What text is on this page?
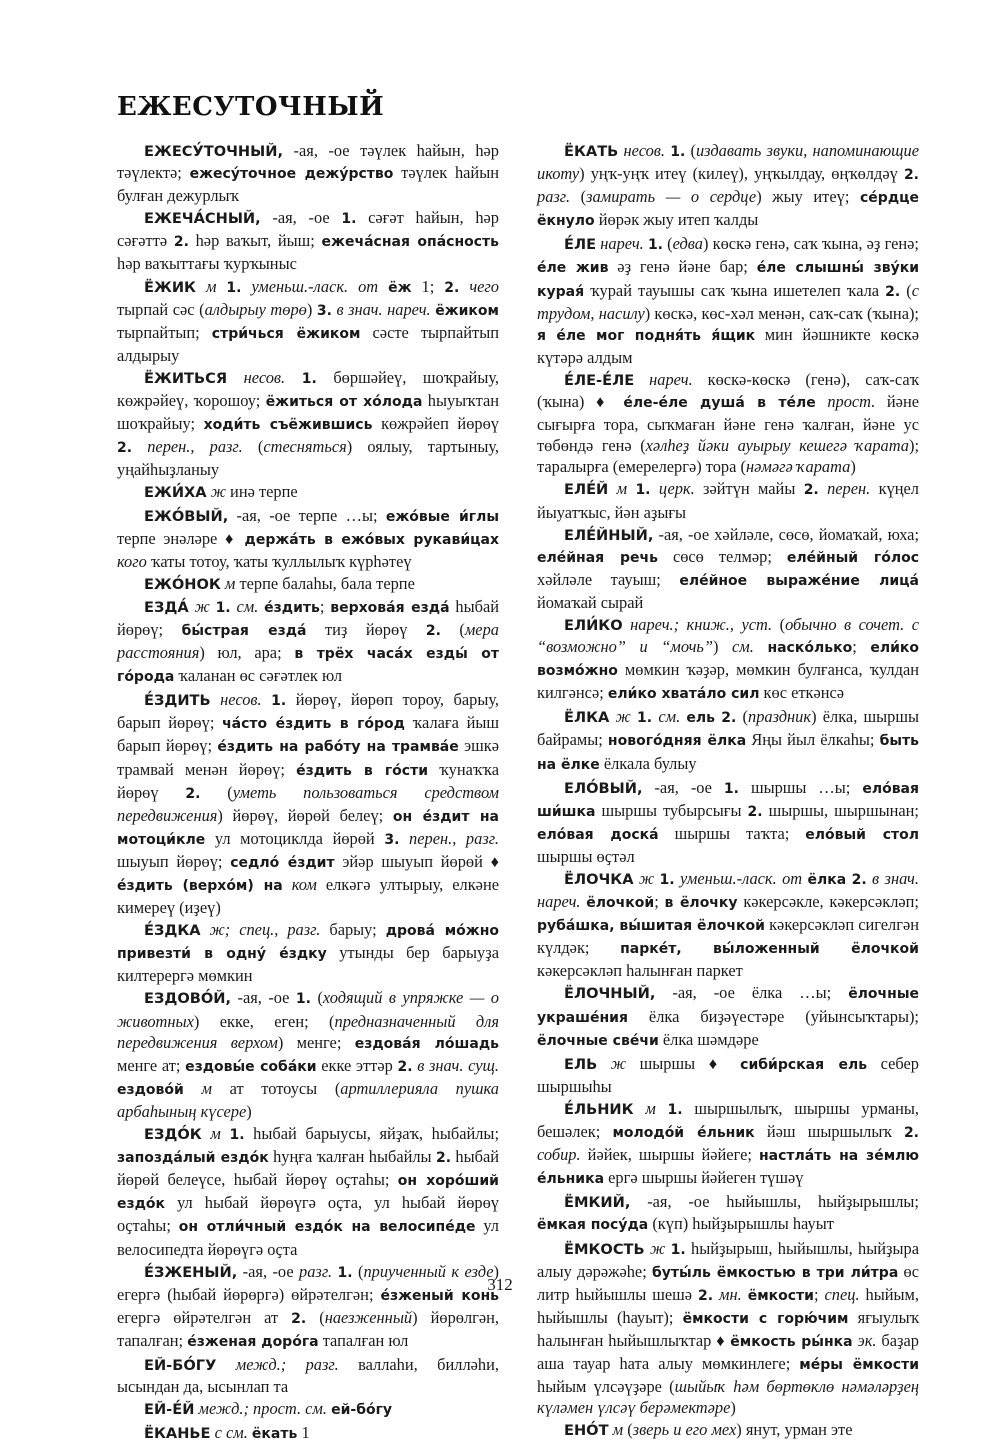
ЕЖЕСУТОЧНЫЙ

ЕЖЕСУ́ТОЧНЫЙ, -ая, -ое тәүлек һайын, һәр тәүлектә; ежесу́точное дежу́рство тәүлек һайын булған дежурлыҡ

ЕЖЕЧА́СНЫЙ, -ая, -ое 1. сәғәт һайын, һәр сәғәттә 2. һәр ваҡыт, йыш; ежеча́сная опа́сность һәр ваҡыттағы ҡурҡыныс

ЁЖИК м 1. уменьш.-ласк. от ёж 1; 2. чего тырпай сәс (алдырыу төрө) 3. в знач. нареч. ёжиком тырпайтып; стри́чься ёжиком сәсте тырпайтып алдырыу

ЁЖИТЬСЯ несов. 1. бөршәйеү, шоҡрайыу, көжрәйеү, ҡорошоу; ёжиться от хо́лода һыуыҡтан шоҡрайыу; ходи́ть съёжившись көжрәйеп йөрөү 2. перен., разг. (стесняться) оялыу, тартыныу, уңайһыҙланыу

ЕЖИ́ХА ж инә терпе

ЕЖО́ВЫЙ, -ая, -ое терпе …ы; ежо́вые и́глы терпе энәләре ♦ держа́ть в ежо́вых рукави́цах кого ҡаты тотоу, ҡаты ҡуллылыҡ күрһәтеү

ЕЖО́НОК м терпе балаһы, бала терпе

ЕЗДА́ ж 1. см. е́здить; верхова́я езда́ һыбай йөрөү; бы́страя езда́ тиҙ йөрөү 2. (мера расстояния) юл, ара; в трёх часа́х езды́ от го́рода ҡаланан өс сәғәтлек юл

Е́ЗДИТЬ несов. 1. йөрөү, йөрөп тороу, барыу, барып йөрөү; ча́сто е́здить в го́род ҡалаға йыш барып йөрөү; е́здить на рабо́ту на трамва́е эшкә трамвай менән йөрөү; е́здить в го́сти ҡунаҡҡа йөрөү 2. (уметь пользоваться средством передвижения) йөрөү, йөрөй белеү; он е́здит на мотоци́кле ул мотоциклда йөрөй 3. перен., разг. шыуып йөрөү; седло́ е́здит эйәр шыуып йөрөй ♦ е́здить (верхо́м) на ком елкәгә ултырыу, елкәне кимереү (иҙеү)

Е́ЗДКА ж; спец., разг. барыу; дрова́ мо́жно привезти́ в одну́ е́здку утынды бер барыуҙа килтерергә мөмкин

ЕЗДОВО́Й, -ая, -ое 1. (ходящий в упряжке — о животных) екке, еген; (предназначенный для передвижения верхом) менге; ездова́я ло́шадь менге ат; ездовы́е соба́ки екке эттәр 2. в знач. сущ. ездово́й м ат тотоусы (артиллерияла пушка арбаһының күсере)

ЕЗДО́К м 1. һыбай барыусы, яйҙаҡ, һыбайлы; запозда́лый ездо́к һуңға ҡалған һыбайлы 2. һыбай йөрөй белеүсе, һыбай йөрөү оҫтаһы; он хоро́ший ездо́к ул һыбай йөрөүгә оҫта, ул һыбай йөрөү оҫтаһы; он отли́чный ездо́к на велосипе́де ул велосипедта йөрөүгә оҫта

Е́ЗЖЕНЫЙ, -ая, -ое разг. 1. (приученный к езде) егергә (һыбай йөрөргә) өйрәтелгән; е́зженый конь егергә өйрәтелгән ат 2. (наезженный) йөрөлгән, тапалған; е́зженая доро́га тапалған юл

ЕЙ-БО́ГУ межд.; разг. валлаһи, билләһи, ысындан да, ысынлап та

ЕЙ-Е́Й межд.; прост. см. ей-бо́гу

ЁКАНЬЕ с см. ёкать 1

ЁКАТЬ несов. 1. (издавать звуки, напоминающие икоту) уңҡ-уңҡ итеү (килеү), уңҡылдау, өңҡөлдәү 2. разг. (замирать — о сердце) жыу итеү; се́рдце ёкнуло йөрәк жыу итеп ҡалды

Е́ЛЕ нареч. 1. (едва) көскә генә, саҡ ҡына, әҙ генә; е́ле жив әҙ генә йәне бар; е́ле слышны́ зву́ки курая́ ҡурай тауышы саҡ ҡына ишетелеп ҡала 2. (с трудом, насилу) көскә, көс-хәл менән, саҡ-саҡ (ҡына); я е́ле мог подня́ть я́щик мин йәшникте көскә күтәрә алдым

Е́ЛЕ-Е́ЛЕ нареч. көскә-көскә (генә), саҡ-саҡ (ҡына) ♦ е́ле-е́ле душа́ в те́ле прост. йәне сығырға тора, сыҡмаған йәне генә ҡалған, йәне ус төбөндә генә (хәлһеҙ йәки ауырыу кешегә ҡарата); таралырға (емерелергә) тора (нәмәгә ҡарата)

ЕЛЕ́Й м 1. церк. зәйтүн майы 2. перен. күңел йыуатҡыс, йән аҙығы

ЕЛЕ́ЙНЫЙ, -ая, -ое хәйләле, сөсө, йомаҡай, юха; еле́йная речь сөсө телмәр; еле́йный го́лос хәйләле тауыш; еле́йное выраже́ние лица́ йомаҡай сырай

ЕЛИ́КО нареч.; книж., уст. (обычно в сочет. с “возможно” и “мочь”) см. наско́лько; ели́ко возмо́жно мөмкин ҡәҙәр, мөмкин булғанса, ҡулдан килгәнсә; ели́ко хвата́ло сил көс еткәнсә

ЁЛКА ж 1. см. ель 2. (праздник) ёлка, шыршы байрамы; нового́дняя ёлка Яңы йыл ёлкаһы; быть на ёлке ёлкала булыу

ЕЛО́ВЫЙ, -ая, -ое 1. шыршы …ы; ело́вая ши́шка шыршы тубырсығы 2. шыршы, шыршынан; ело́вая доска́ шыршы таҡта; ело́вый стол шыршы өҫтәл

ЁЛОЧКА ж 1. уменьш.-ласк. от ёлка 2. в знач. нареч. ёлочкой; в ёлочку кәкерсәкле, кәкерсәкләп; руба́шка, вы́шитая ёлочкой кәкерсәкләп сигелгән күлдәк; парке́т, вы́ложенный ёлочкой кәкерсәкләп һалынған паркет

ЁЛОЧНЫЙ, -ая, -ое ёлка …ы; ёлочные украше́ния ёлка биҙәүестәре (уйынсыҡтары); ёлочные све́чи ёлка шәмдәре

ЕЛЬ ж шыршы ♦ сиби́рская ель себер шыршыһы

Е́ЛЬНИК м 1. шыршылыҡ, шыршы урманы, бешәлек; молодо́й е́льник йәш шыршылыҡ 2. собир. йәйек, шыршы йәйеге; настла́ть на зе́млю е́льника ергә шыршы йәйеген түшәү

ЁМКИЙ, -ая, -ое һыйышлы, һыйҙырышлы; ёмкая посу́да (күп) һыйҙырышлы һауыт

ЁМКОСТЬ ж 1. һыйҙырыш, һыйышлы, һыйҙыра алыу дәрәжәһе; буты́ль ёмкостью в три ли́тра өс литр һыйышлы шешә 2. мн. ёмкости; спец. һыйым, һыйышлы (һауыт); ёмкости с горю́чим яғыулыҡ һалынған һыйышлыҡтар ♦ ёмкость ры́нка эк. баҙар аша тауар һата алыу мөмкинлеге; ме́ры ёмкости һыйым үлсәүҙәре (шыйыҡ һәм бөртөклө нәмәләрҙең күләмен үлсәү берәмектәре)

ЕНО́Т м (зверь и его мех) янут, урман эте

312
